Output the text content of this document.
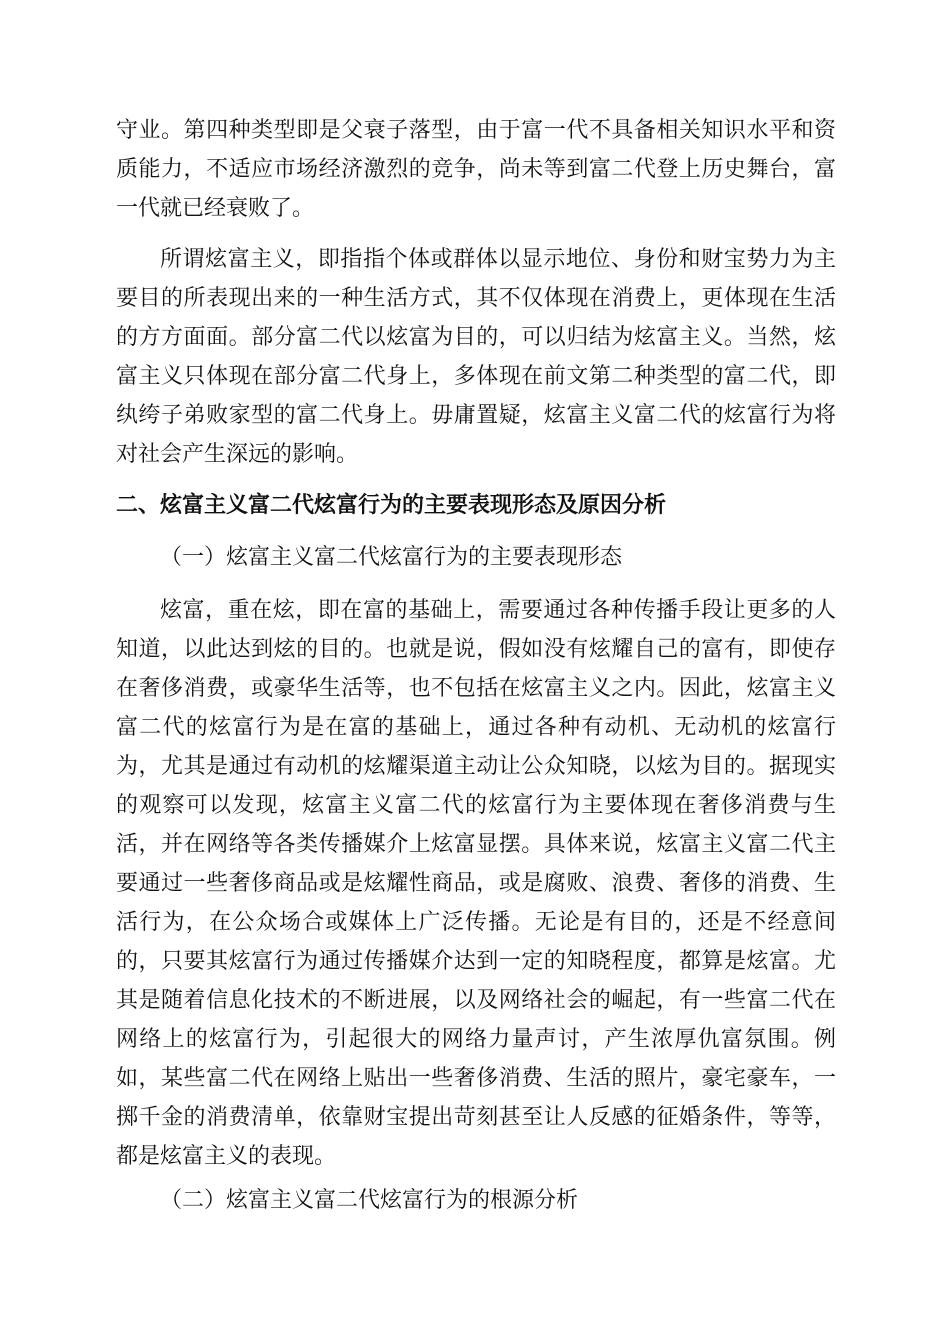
守业。第四种类型即是父衰子落型，由于富一代不具备相关知识水平和资
质能力，不适应市场经济激烈的竞争，尚未等到富二代登上历史舞台，富
一代就已经衰败了。
所谓炫富主义，即指指个体或群体以显示地位、身份和财宝势力为主
要目的所表现出来的一种生活方式，其不仅体现在消费上，更体现在生活
的方方面面。部分富二代以炫富为目的，可以归结为炫富主义。当然，炫
富主义只体现在部分富二代身上，多体现在前文第二种类型的富二代，即
纨绔子弟败家型的富二代身上。毋庸置疑，炫富主义富二代的炫富行为将
对社会产生深远的影响。
二、炫富主义富二代炫富行为的主要表现形态及原因分析
（一）炫富主义富二代炫富行为的主要表现形态
炫富，重在炫，即在富的基础上，需要通过各种传播手段让更多的人
知道，以此达到炫的目的。也就是说，假如没有炫耀自己的富有，即使存
在奢侈消费，或豪华生活等，也不包括在炫富主义之内。因此，炫富主义
富二代的炫富行为是在富的基础上，通过各种有动机、无动机的炫富行
为，尤其是通过有动机的炫耀渠道主动让公众知晓，以炫为目的。据现实
的观察可以发现，炫富主义富二代的炫富行为主要体现在奢侈消费与生
活，并在网络等各类传播媒介上炫富显摆。具体来说，炫富主义富二代主
要通过一些奢侈商品或是炫耀性商品，或是腐败、浪费、奢侈的消费、生
活行为，在公众场合或媒体上广泛传播。无论是有目的，还是不经意间
的，只要其炫富行为通过传播媒介达到一定的知晓程度，都算是炫富。尤
其是随着信息化技术的不断进展，以及网络社会的崛起，有一些富二代在
网络上的炫富行为，引起很大的网络力量声讨，产生浓厚仇富氛围。例
如，某些富二代在网络上贴出一些奢侈消费、生活的照片，豪宅豪车，一
掷千金的消费清单，依靠财宝提出苛刻甚至让人反感的征婚条件，等等，
都是炫富主义的表现。
（二）炫富主义富二代炫富行为的根源分析
